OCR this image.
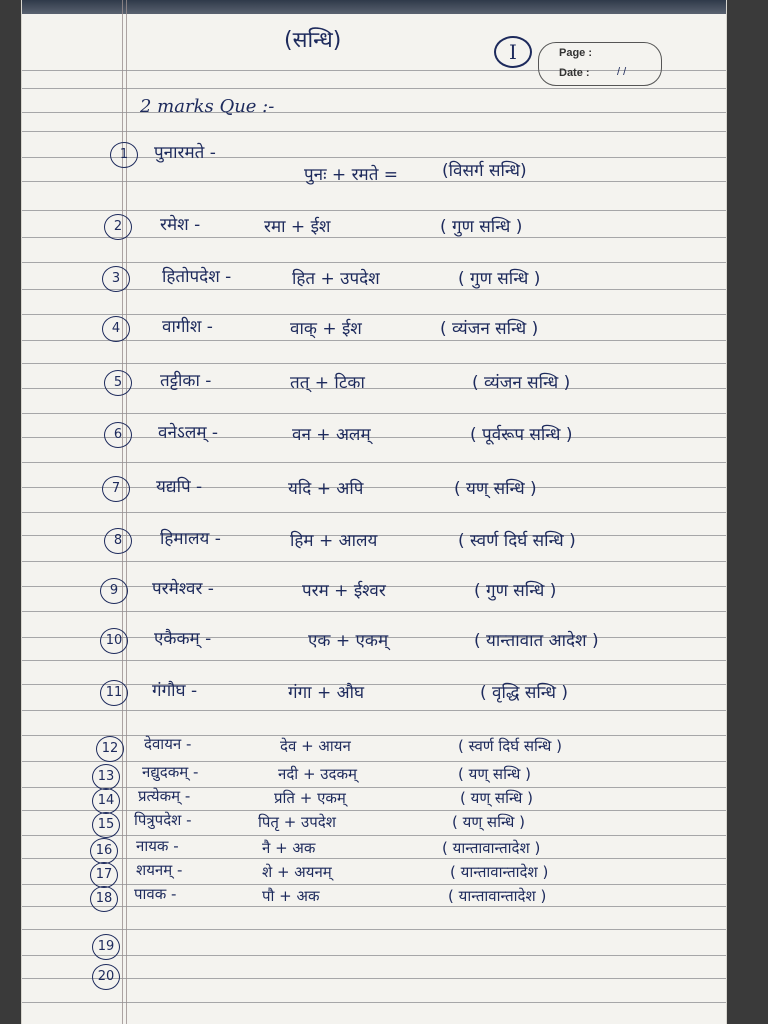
(सन्धि)	I	Page :
Date : / /
2 marks Que :-
1	पुनारमते -
पुनः + रमते =	(विसर्ग सन्धि)
2	रमेश -	रमा + ईश	( गुण सन्धि )
3	हितोपदेश -	हित + उपदेश	( गुण सन्धि )
4	वागीश -	वाक् + ईश	( व्यंजन सन्धि )
5	तट्टीका -	तत् + टिका	( व्यंजन सन्धि )
6	वनेऽलम् -	वन + अलम्	( पूर्वरूप सन्धि )
7	यद्यपि -	यदि + अपि	( यण् सन्धि )
8	हिमालय -	हिम + आलय	( स्वर्ण दिर्घ सन्धि )
9	परमेश्वर -	परम + ईश्वर	( गुण सन्धि )
10	एकैकम् -	एक + एकम्	( यान्तावात आदेश )
11	गंगौघ -	गंगा + औघ	( वृद्धि सन्धि )
12	देवायन -	देव + आयन	( स्वर्ण दिर्घ सन्धि )
13	नद्युदकम् -	नदी + उदकम्	( यण् सन्धि )
14	प्रत्येकम् -	प्रति + एकम्	( यण् सन्धि )
15	पित्रुपदेश -	पितृ + उपदेश	( यण् सन्धि )
16	नायक -	नै + अक	( यान्तावान्तादेश )
17	शयनम् -	शे + अयनम्	( यान्तावान्तादेश )
18	पावक -	पौ + अक	( यान्तावान्तादेश )
19
20
